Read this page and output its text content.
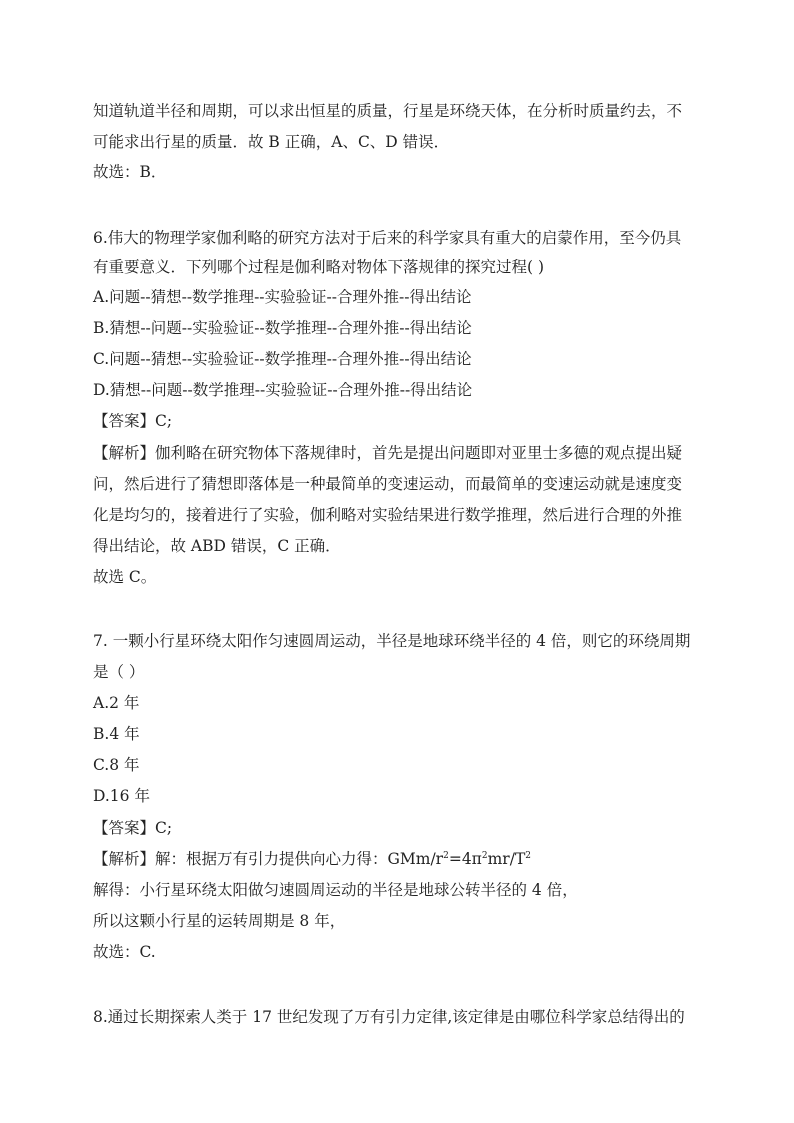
知道轨道半径和周期，可以求出恒星的质量，行星是环绕天体，在分析时质量约去，不
可能求出行星的质量．故 B 正确，A、C、D 错误．
故选：B．
6.伟大的物理学家伽利略的研究方法对于后来的科学家具有重大的启蒙作用，至今仍具
有重要意义．下列哪个过程是伽利略对物体下落规律的探究过程( )
A.问题--猜想--数学推理--实验验证--合理外推--得出结论
B.猜想--问题--实验验证--数学推理--合理外推--得出结论
C.问题--猜想--实验验证--数学推理--合理外推--得出结论
D.猜想--问题--数学推理--实验验证--合理外推--得出结论
【答案】C;
【解析】伽利略在研究物体下落规律时，首先是提出问题即对亚里士多德的观点提出疑
问，然后进行了猜想即落体是一种最简单的变速运动，而最简单的变速运动就是速度变
化是均匀的，接着进行了实验，伽利略对实验结果进行数学推理，然后进行合理的外推
得出结论，故 ABD 错误，C 正确．
故选 C。
7. 一颗小行星环绕太阳作匀速圆周运动，半径是地球环绕半径的 4 倍，则它的环绕周期
是（ ）
A.2 年
B.4 年
C.8 年
D.16 年
【答案】C;
【解析】解：根据万有引力提供向心力得：GMm/$r^2=4\pi^2mr/T^2$
解得：小行星环绕太阳做匀速圆周运动的半径是地球公转半径的 4 倍，
所以这颗小行星的运转周期是 8 年，
故选：C.
8.通过长期探索人类于 17 世纪发现了万有引力定律,该定律是由哪位科学家总结得出的
